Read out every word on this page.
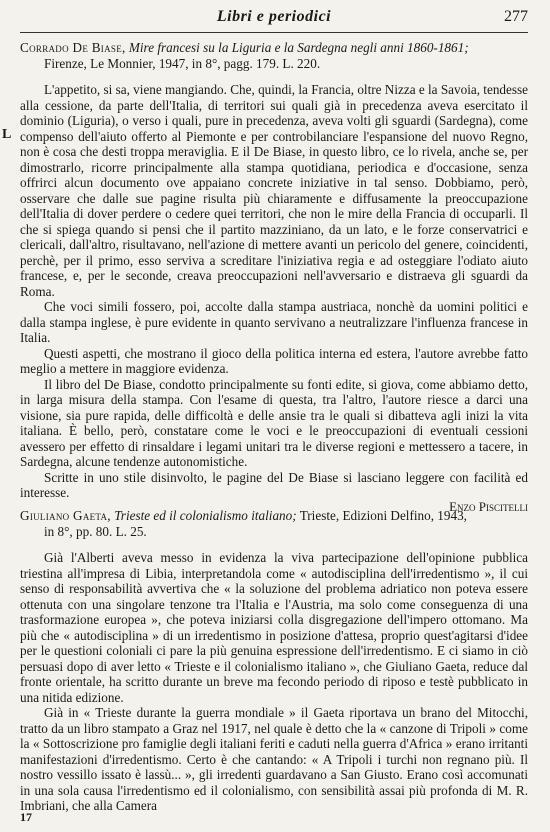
Libri e periodici	277
L

Corrado De Biase, Mire francesi su la Liguria e la Sardegna negli anni 1860-1861;
Firenze, Le Monnier, 1947, in 8°, pagg. 179. L. 220.

L'appetito, si sa, viene mangiando. Che, quindi, la Francia, oltre Nizza e la Savoia, tendesse alla cessione, da parte dell'Italia, di territori sui quali già in precedenza aveva esercitato il dominio (Liguria), o verso i quali, pure in precedenza, aveva volti gli sguardi (Sardegna), come compenso dell'aiuto offerto al Piemonte e per controbilanciare l'espansione del nuovo Regno, non è cosa che desti troppa meraviglia. E il De Biase, in questo libro, ce lo rivela, anche se, per dimostrarlo, ricorre principalmente alla stampa quotidiana, periodica e d'occasione, senza offrirci alcun documento ove appaiano concrete iniziative in tal senso. Dobbiamo, però, osservare che dalle sue pagine risulta più chiaramente e diffusamente la preoccupazione dell'Italia di dover perdere o cedere quei territori, che non le mire della Francia di occuparli. Il che si spiega quando si pensi che il partito mazziniano, da un lato, e le forze conservatrici e clericali, dall'altro, risultavano, nell'azione di mettere avanti un pericolo del genere, coincidenti, perchè, per il primo, esso serviva a screditare l'iniziativa regia e ad osteggiare l'odiato aiuto francese, e, per le seconde, creava preoccupazioni nell'avversario e distraeva gli sguardi da Roma.

Che voci simili fossero, poi, accolte dalla stampa austriaca, nonchè da uomini politici e dalla stampa inglese, è pure evidente in quanto servivano a neutralizzare l'influenza francese in Italia.

Questi aspetti, che mostrano il gioco della politica interna ed estera, l'autore avrebbe fatto meglio a mettere in maggiore evidenza.

Il libro del De Biase, condotto principalmente su fonti edite, si giova, come abbiamo detto, in larga misura della stampa. Con l'esame di questa, tra l'altro, l'autore riesce a darci una visione, sia pure rapida, delle difficoltà e delle ansie tra le quali si dibatteva agli inizi la vita italiana. È bello, però, constatare come le voci e le preoccupazioni di eventuali cessioni avessero per effetto di rinsaldare i legami unitari tra le diverse regioni e mettessero a tacere, in Sardegna, alcune tendenze autonomistiche.

Scritte in uno stile disinvolto, le pagine del De Biase si lasciano leggere con facilità ed interesse.

Enzo Piscitelli

Giuliano Gaeta, Trieste ed il colonialismo italiano; Trieste, Edizioni Delfino, 1943,
in 8°, pp. 80. L. 25.

Già l'Alberti aveva messo in evidenza la viva partecipazione dell'opinione pubblica triestina all'impresa di Libia, interpretandola come « autodisciplina dell'irredentismo », il cui senso di responsabilità avvertiva che « la soluzione del problema adriatico non poteva essere ottenuta con una singolare tenzone tra l'Italia e l'Austria, ma solo come conseguenza di una trasformazione europea », che poteva iniziarsi colla disgregazione dell'impero ottomano. Ma più che « autodisciplina » di un irredentismo in posizione d'attesa, proprio quest'agitarsi d'idee per le questioni coloniali ci pare la più genuina espressione dell'irredentismo. E ci siamo in ciò persuasi dopo di aver letto « Trieste e il colonialismo italiano », che Giuliano Gaeta, reduce dal fronte orientale, ha scritto durante un breve ma fecondo periodo di riposo e testè pubblicato in una nitida edizione.

Già in « Trieste durante la guerra mondiale » il Gaeta riportava un brano del Mitocchi, tratto da un libro stampato a Graz nel 1917, nel quale è detto che la « canzone di Tripoli » come la « Sottoscrizione pro famiglie degli italiani feriti e caduti nella guerra d'Africa » erano irritanti manifestazioni d'irredentismo. Certo è che cantando: « A Tripoli i turchi non regnano più. Il nostro vessillo issato è lassù... », gli irredenti guardavano a San Giusto. Erano così accomunati in una sola causa l'irredentismo ed il colonialismo, con sensibilità assai più profonda di M. R. Imbriani, che alla Camera

17
